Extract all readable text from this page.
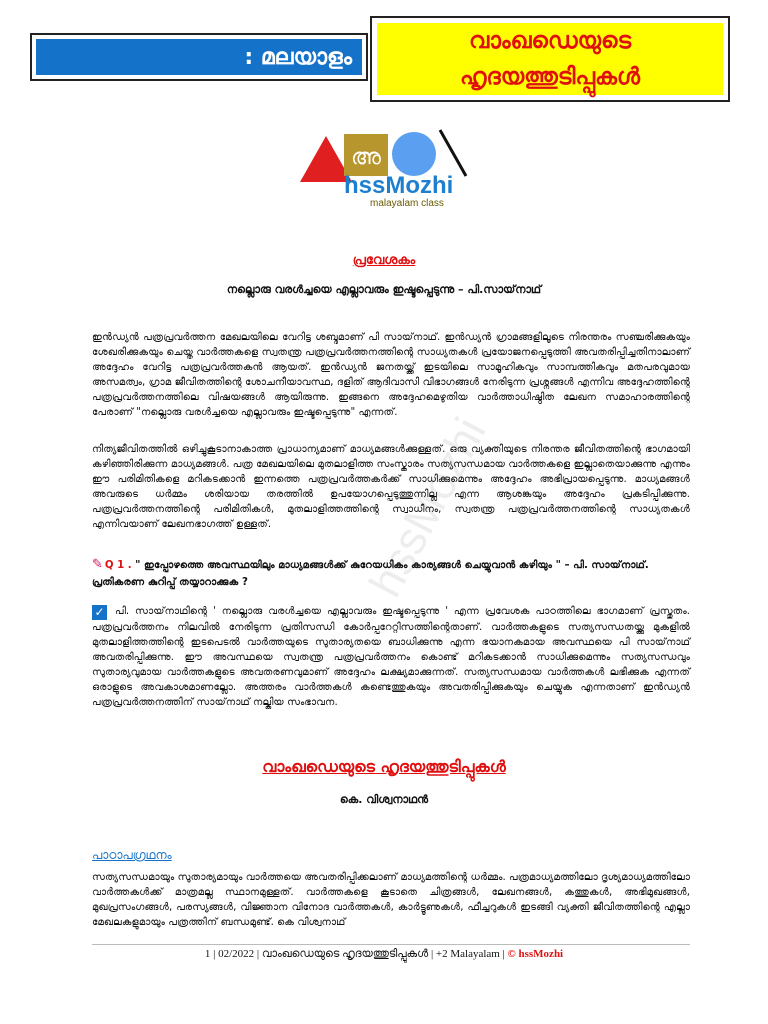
hssMozhi
: മലയാളം
വാംഖഡെയുടെ
ഹൃദയത്തുടിപ്പുകൾ
അ
hssMozhi
malayalam class
പ്രവേശകം
നല്ലൊരു വരൾച്ചയെ എല്ലാവരും ഇഷ്ടപ്പെടുന്നു – പി.സായ്‌നാഥ്
ഇൻഡ്യൻ പത്രപ്രവർത്തന മേഖലയിലെ വേറിട്ട ശബ്ദമാണ് പി സായ്‌നാഥ്. ഇൻഡ്യൻ ഗ്രാമങ്ങളിലൂടെ നിരന്തരം സഞ്ചരിക്കുകയും ശേഖരിക്കുകയും ചെയ്ത വാർത്തകളെ സ്വതന്ത്ര പത്രപ്രവർത്തനത്തിന്റെ സാധ്യതകൾ പ്രയോജനപ്പെടുത്തി അവതരിപ്പിച്ചതിനാലാണ് അദ്ദേഹം വേറിട്ട പത്രപ്രവർത്തകൻ ആയത്. ഇൻഡ്യൻ ജനതയ്ക്ക് ഇടയിലെ സാമൂഹികവും സാമ്പത്തികവും മതപരവുമായ അസമത്വം, ഗ്രാമ ജീവിതത്തിന്റെ ശോചനീയാവസ്ഥ, ദളിത് ആദിവാസി വിഭാഗങ്ങൾ നേരിടുന്ന പ്രശ്നങ്ങൾ എന്നിവ അദ്ദേഹത്തിന്റെ പത്രപ്രവർത്തനത്തിലെ വിഷയങ്ങൾ ആയിരുന്നു. ഇങ്ങനെ അദ്ദേഹമെഴുതിയ വാർത്താധിഷ്ഠിത ലേഖന സമാഹാരത്തിന്റെ പേരാണ് "നല്ലൊരു വരൾച്ചയെ എല്ലാവരും ഇഷ്ടപ്പെടുന്നു" എന്നത്.
നിത്യജീവിതത്തിൽ ഒഴിച്ചുകൂടാനാകാത്ത പ്രാധാന്യമാണ് മാധ്യമങ്ങൾക്കുള്ളത്. ഒരു വ്യക്തിയുടെ നിരന്തര ജീവിതത്തിന്റെ ഭാഗമായി കഴിഞ്ഞിരിക്കുന്ന മാധ്യമങ്ങൾ. പത്ര മേഖലയിലെ മുതലാളിത്ത സംസ്കാരം സത്യസന്ധമായ വാർത്തകളെ ഇല്ലാതെയാക്കുന്നു എന്നും ഈ പരിമിതികളെ മറികടക്കാൻ ഇന്നത്തെ പത്രപ്രവർത്തകർക്ക് സാധിക്കുമെന്നും അദ്ദേഹം അഭിപ്രായപ്പെടുന്നു. മാധ്യമങ്ങൾ അവരുടെ ധർമ്മം ശരിയായ തരത്തിൽ ഉപയോഗപ്പെടുത്തുന്നില്ല എന്ന ആശങ്കയും അദ്ദേഹം പ്രകടിപ്പിക്കുന്നു. പത്രപ്രവർത്തനത്തിന്റെ പരിമിതികൾ, മുതലാളിത്തത്തിന്റെ സ്വാധീനം, സ്വതന്ത്ര പത്രപ്രവർത്തനത്തിന്റെ സാധ്യതകൾ എന്നിവയാണ് ലേഖനഭാഗത്ത് ഉള്ളത്.
✎ Q 1 . " ഇപ്പോഴത്തെ അവസ്ഥയിലും മാധ്യമങ്ങൾക്ക് കുറേയധികം കാര്യങ്ങൾ ചെയ്യുവാൻ കഴിയും " – പി. സായ്‌നാഥ്. പ്രതികരണ കുറിപ്പ് തയ്യാറാക്കുക ?
✓ പി. സായ്‌നാഥിന്റെ ' നല്ലൊരു വരൾച്ചയെ എല്ലാവരും ഇഷ്ടപ്പെടുന്നു ' എന്ന പ്രവേശക പാഠത്തിലെ ഭാഗമാണ് പ്രസ്തുതം. പത്രപ്രവർത്തനം നിലവിൽ നേരിടുന്ന പ്രതിസന്ധി കോർപ്പറേറ്റിസത്തിന്റെതാണ്. വാർത്തകളുടെ സത്യസന്ധതയ്ക്കു മുകളിൽ മുതലാളിത്തത്തിന്റെ ഇടപെടൽ വാർത്തയുടെ സുതാര്യതയെ ബാധിക്കുന്നു എന്ന ഭയാനകമായ അവസ്ഥയെ പി സായ്‌നാഥ് അവതരിപ്പിക്കുന്നു. ഈ അവസ്ഥയെ സ്വതന്ത്ര പത്രപ്രവർത്തനം കൊണ്ട് മറികടക്കാൻ സാധിക്കുമെന്നും സത്യസന്ധവും സുതാര്യവുമായ വാർത്തകളുടെ അവതരണവുമാണ് അദ്ദേഹം ലക്ഷ്യമാക്കുന്നത്. സത്യസന്ധമായ വാർത്തകൾ ലഭിക്കുക എന്നത് ഒരാളുടെ അവകാശമാണല്ലോ. അത്തരം വാർത്തകൾ കണ്ടെത്തുകയും അവതരിപ്പിക്കുകയും ചെയ്യുക എന്നതാണ് ഇൻഡ്യൻ പത്രപ്രവർത്തനത്തിന് സായ്‌നാഥ് നല്കിയ സംഭാവന.
വാംഖഡെയുടെ ഹൃദയത്തുടിപ്പുകൾ
കെ. വിശ്വനാഥൻ
പാഠാപഗ്രഥനം
സത്യസന്ധമായും സുതാര്യമായും വാർത്തയെ അവതരിപ്പിക്കലാണ് മാധ്യമത്തിന്റെ ധർമ്മം. പത്രമാധ്യമത്തിലോ ദൃശ്യമാധ്യമത്തിലോ വാർത്തകൾക്ക് മാത്രമല്ല സ്ഥാനമുള്ളത്. വാർത്തകളെ കൂടാതെ ചിത്രങ്ങൾ, ലേഖനങ്ങൾ, കത്തുകൾ, അഭിമുഖങ്ങൾ, മുഖപ്രസംഗങ്ങൾ, പരസ്യങ്ങൾ, വിജ്ഞാന വിനോദ വാർത്തകൾ, കാർട്ടൂണുകൾ, ഫീച്ചറുകൾ ഇടങ്ങി വ്യക്തി ജീവിതത്തിന്റെ എല്ലാ മേഖലകളുമായും പത്രത്തിന് ബന്ധമുണ്ട്. കെ വിശ്വനാഥ്
1 | 02/2022 | വാംഖഡെയുടെ ഹൃദയത്തുടിപ്പുകൾ | +2 Malayalam | © hssMozhi
